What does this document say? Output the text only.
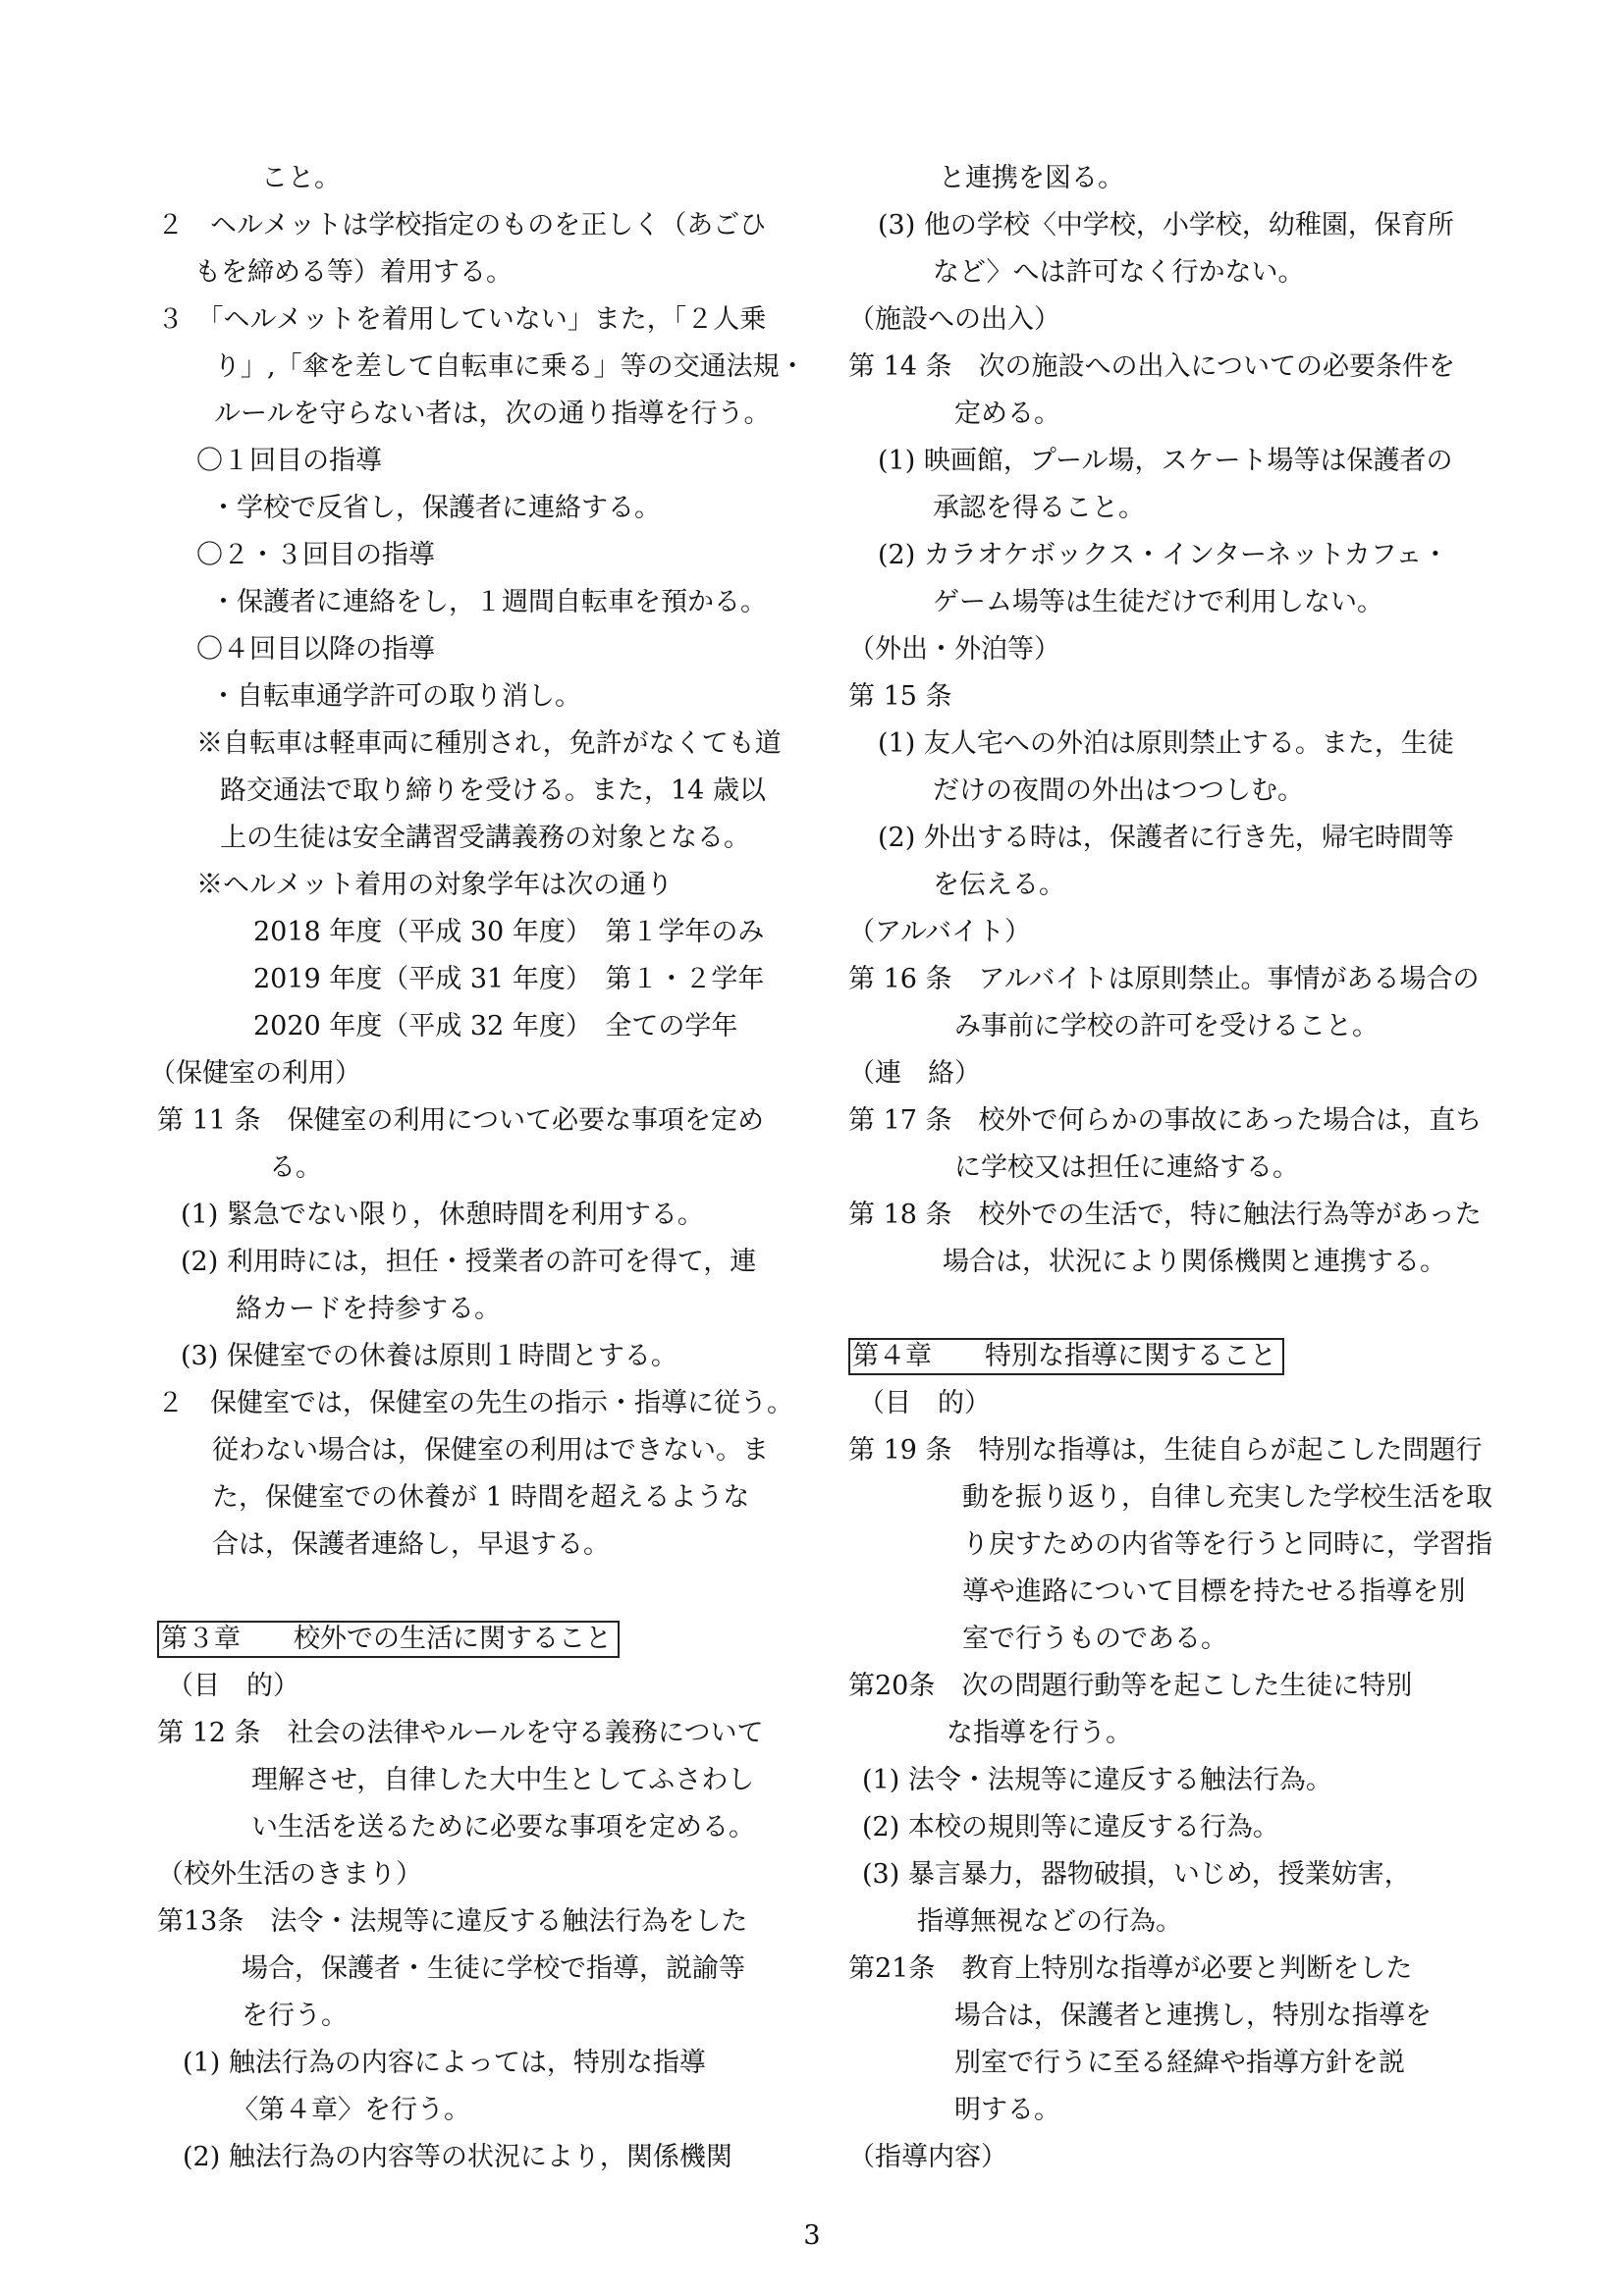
こと。
２　ヘルメットは学校指定のものを正しく（あごひ
もを締める等）着用する。
３　「ヘルメットを着用していない」また，「２人乗
り」,「傘を差して自転車に乗る」等の交通法規・
ルールを守らない者は，次の通り指導を行う。
〇１回目の指導
・学校で反省し，保護者に連絡する。
〇２・３回目の指導
・保護者に連絡をし，１週間自転車を預かる。
〇４回目以降の指導
・自転車通学許可の取り消し。
※自転車は軽車両に種別され，免許がなくても道
路交通法で取り締りを受ける。また，14 歳以
上の生徒は安全講習受講義務の対象となる。
※ヘルメット着用の対象学年は次の通り
2018 年度（平成 30 年度）　第１学年のみ
2019 年度（平成 31 年度）　第１・２学年
2020 年度（平成 32 年度）　全ての学年
（保健室の利用）
第 11 条　保健室の利用について必要な事項を定め
る。
(1) 緊急でない限り，休憩時間を利用する。
(2) 利用時には，担任・授業者の許可を得て，連
絡カードを持参する。
(3) 保健室での休養は原則１時間とする。
２　保健室では，保健室の先生の指示・指導に従う。
従わない場合は，保健室の利用はできない。ま
た，保健室での休養が 1 時間を超えるような
合は，保護者連絡し，早退する。
第３章　　校外での生活に関すること
（目　的）
第 12 条　社会の法律やルールを守る義務について
理解させ，自律した大中生としてふさわし
い生活を送るために必要な事項を定める。
（校外生活のきまり）
第13条　法令・法規等に違反する触法行為をした
場合，保護者・生徒に学校で指導，説諭等
を行う。
(1) 触法行為の内容によっては，特別な指導
〈第４章〉を行う。
(2) 触法行為の内容等の状況により，関係機関
と連携を図る。
(3) 他の学校〈中学校，小学校，幼稚園，保育所
など〉へは許可なく行かない。
（施設への出入）
第 14 条　次の施設への出入についての必要条件を
定める。
(1) 映画館，プール場，スケート場等は保護者の
承認を得ること。
(2) カラオケボックス・インターネットカフェ・
ゲーム場等は生徒だけで利用しない。
（外出・外泊等）
第 15 条
(1) 友人宅への外泊は原則禁止する。また，生徒
だけの夜間の外出はつつしむ。
(2) 外出する時は，保護者に行き先，帰宅時間等
を伝える。
（アルバイト）
第 16 条　アルバイトは原則禁止。事情がある場合の
み事前に学校の許可を受けること。
（連　絡）
第 17 条　校外で何らかの事故にあった場合は，直ち
に学校又は担任に連絡する。
第 18 条　校外での生活で，特に触法行為等があった
場合は，状況により関係機関と連携する。
第４章　　特別な指導に関すること
（目　的）
第 19 条　特別な指導は，生徒自らが起こした問題行
動を振り返り，自律し充実した学校生活を取
り戻すための内省等を行うと同時に，学習指
導や進路について目標を持たせる指導を別
室で行うものである。
第20条　次の問題行動等を起こした生徒に特別
な指導を行う。
(1) 法令・法規等に違反する触法行為。
(2) 本校の規則等に違反する行為。
(3) 暴言暴力，器物破損，いじめ，授業妨害，
指導無視などの行為。
第21条　教育上特別な指導が必要と判断をした
場合は，保護者と連携し，特別な指導を
別室で行うに至る経緯や指導方針を説
明する。
（指導内容）
3
